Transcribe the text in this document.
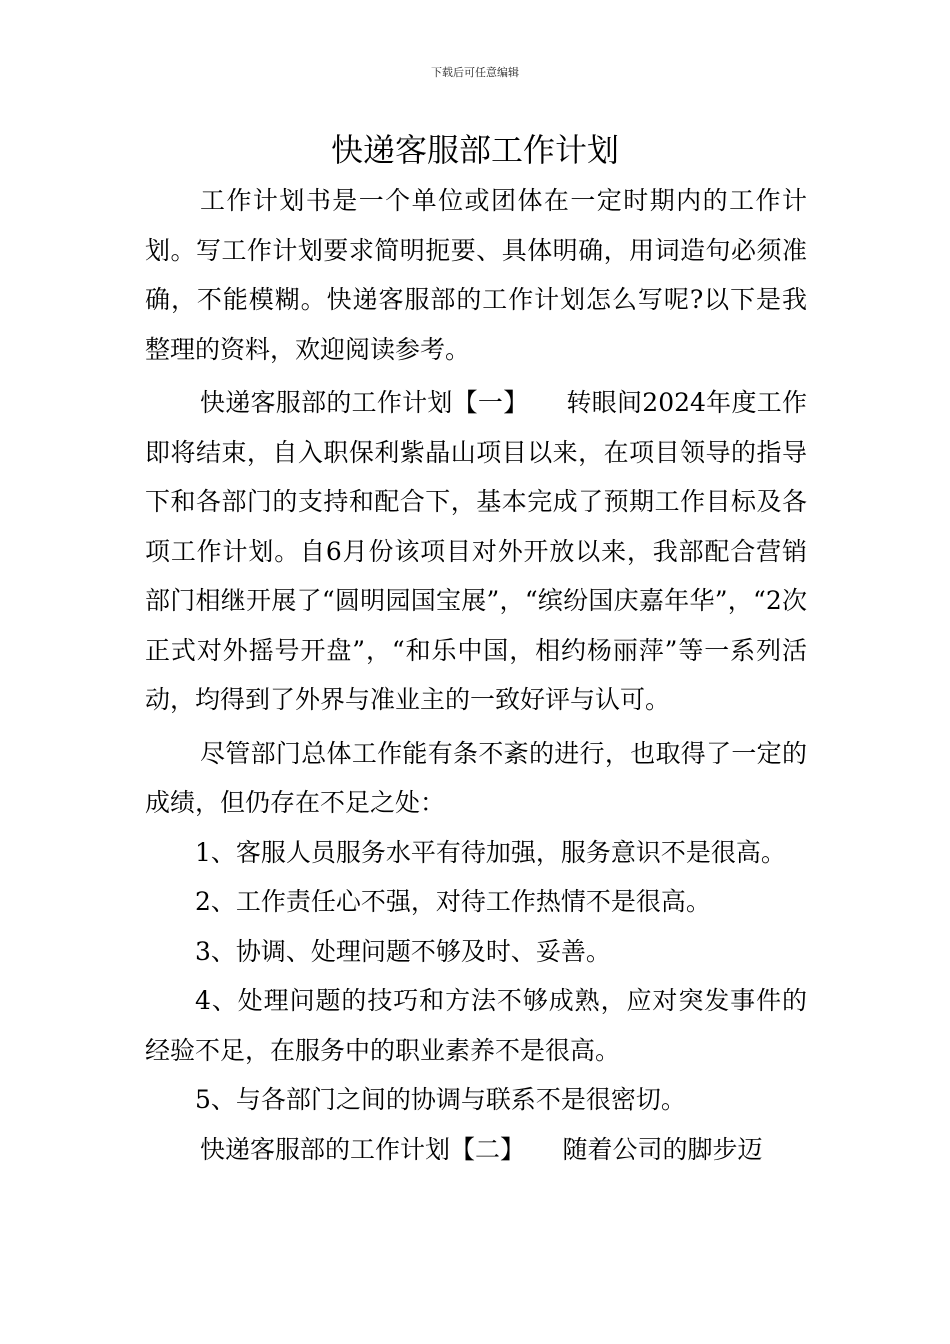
下载后可任意编辑
快递客服部工作计划

工作计划书是一个单位或团体在一定时期内的工作计划。写工作计划要求简明扼要、具体明确，用词造句必须准确，不能模糊。快递客服部的工作计划怎么写呢?以下是我整理的资料，欢迎阅读参考。

快递客服部的工作计划【一】　　转眼间2024年度工作即将结束，自入职保利紫晶山项目以来，在项目领导的指导下和各部门的支持和配合下，基本完成了预期工作目标及各项工作计划。自6月份该项目对外开放以来，我部配合营销部门相继开展了“圆明园国宝展”，“缤纷国庆嘉年华”，“2次正式对外摇号开盘”，“和乐中国，相约杨丽萍”等一系列活动，均得到了外界与准业主的一致好评与认可。

尽管部门总体工作能有条不紊的进行，也取得了一定的成绩，但仍存在不足之处：

1、客服人员服务水平有待加强，服务意识不是很高。

2、工作责任心不强，对待工作热情不是很高。

3、协调、处理问题不够及时、妥善。

4、处理问题的技巧和方法不够成熟，应对突发事件的经验不足，在服务中的职业素养不是很高。

5、与各部门之间的协调与联系不是很密切。

快递客服部的工作计划【二】　　随着公司的脚步迈
